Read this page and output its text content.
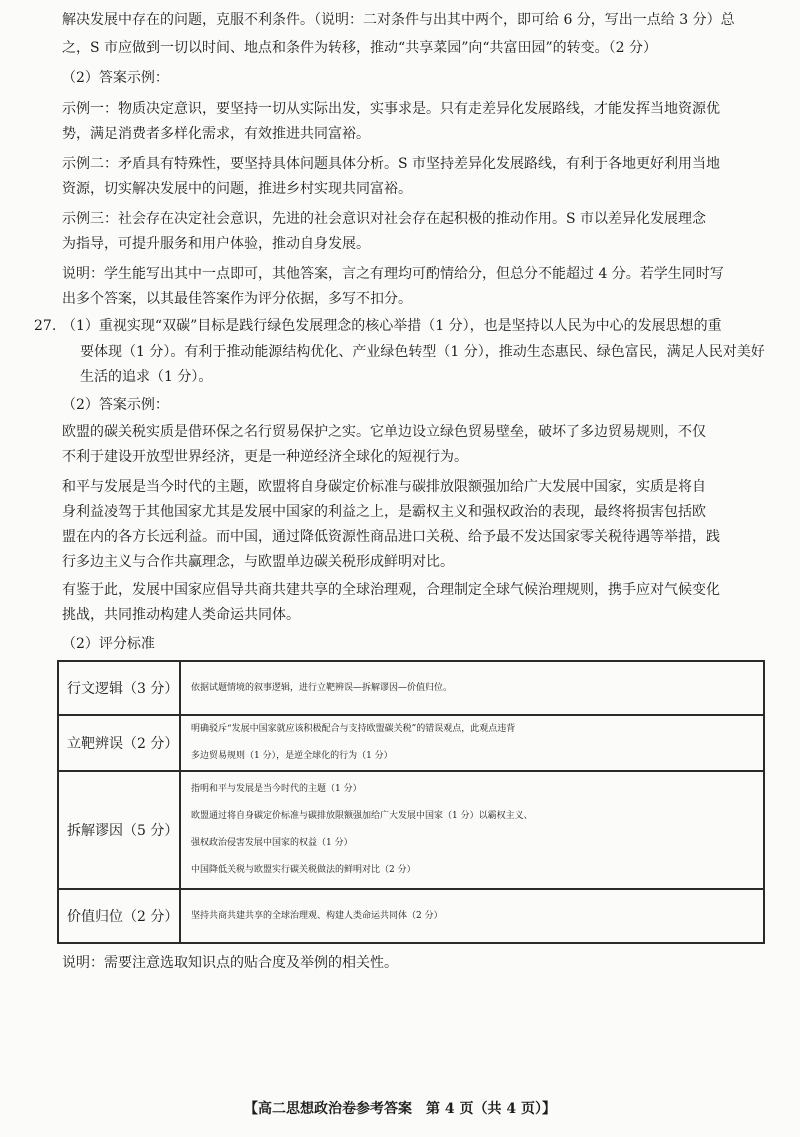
解决发展中存在的问题，克服不利条件。（说明：二对条件与出其中两个，即可给 6 分，写出一点给 3 分）总
之，S 市应做到一切以时间、地点和条件为转移，推动“共享菜园”向“共富田园”的转变。（2 分）
（2）答案示例：
示例一：物质决定意识，要坚持一切从实际出发，实事求是。只有走差异化发展路线，才能发挥当地资源优
势，满足消费者多样化需求，有效推进共同富裕。
示例二：矛盾具有特殊性，要坚持具体问题具体分析。S 市坚持差异化发展路线，有利于各地更好利用当地
资源，切实解决发展中的问题，推进乡村实现共同富裕。
示例三：社会存在决定社会意识，先进的社会意识对社会存在起积极的推动作用。S 市以差异化发展理念
为指导，可提升服务和用户体验，推动自身发展。
说明：学生能写出其中一点即可，其他答案，言之有理均可酌情给分，但总分不能超过 4 分。若学生同时写
出多个答案，以其最佳答案作为评分依据，多写不扣分。
27. （1）重视实现“双碳”目标是践行绿色发展理念的核心举措（1 分），也是坚持以人民为中心的发展思想的重
要体现（1 分）。有利于推动能源结构优化、产业绿色转型（1 分），推动生态惠民、绿色富民，满足人民对美好
生活的追求（1 分）。
（2）答案示例：
欧盟的碳关税实质是借环保之名行贸易保护之实。它单边设立绿色贸易壁垒，破坏了多边贸易规则，不仅
不利于建设开放型世界经济，更是一种逆经济全球化的短视行为。
和平与发展是当今时代的主题，欧盟将自身碳定价标准与碳排放限额强加给广大发展中国家，实质是将自
身利益凌驾于其他国家尤其是发展中国家的利益之上，是霸权主义和强权政治的表现，最终将损害包括欧
盟在内的各方长远利益。而中国，通过降低资源性商品进口关税、给予最不发达国家零关税待遇等举措，践
行多边主义与合作共赢理念，与欧盟单边碳关税形成鲜明对比。
有鉴于此，发展中国家应倡导共商共建共享的全球治理观，合理制定全球气候治理规则，携手应对气候变化
挑战，共同推动构建人类命运共同体。
（2）评分标准
行文逻辑（3 分）	依据试题情境的叙事逻辑，进行立靶辨误—拆解谬因—价值归位。

立靶辨误（2 分）	明确驳斥“发展中国家就应该积极配合与支持欧盟碳关税”的错误观点，此观点违背
多边贸易规则（1 分），是逆全球化的行为（1 分）

拆解谬因（5 分）	指明和平与发展是当今时代的主题（1 分）
欧盟通过将自身碳定价标准与碳排放限额强加给广大发展中国家（1 分）以霸权主义、
强权政治侵害发展中国家的权益（1 分）
中国降低关税与欧盟实行碳关税做法的鲜明对比（2 分）

价值归位（2 分）	坚持共商共建共享的全球治理观、构建人类命运共同体（2 分）
说明：需要注意选取知识点的贴合度及举例的相关性。
【高二思想政治卷参考答案　第 4 页（共 4 页）】
